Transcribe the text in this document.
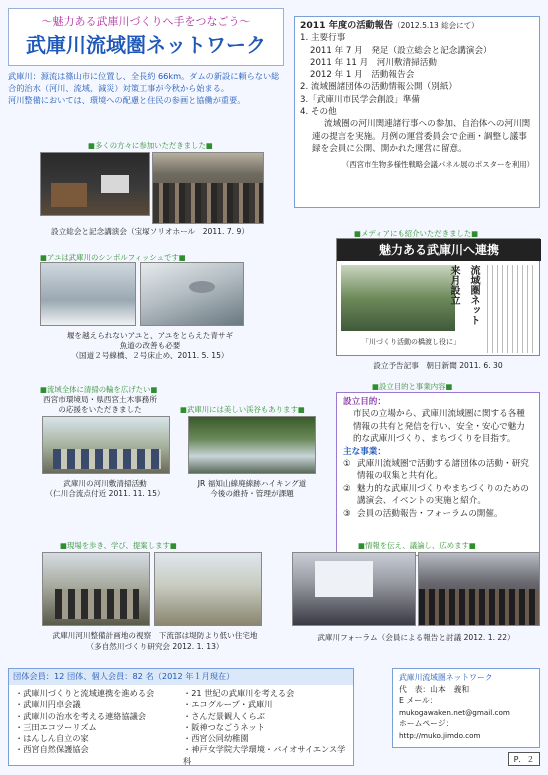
～魅力ある武庫川づくりへ手をつなごう～
武庫川流域圏ネットワーク

武庫川：源流は篠山市に位置し、全長約 66km。ダムの新設に頼らない総合的治水（河川、流域、減災）対策工事が今秋から始まる。

河川整備においては、環境への配慮と住民の参画と協働が重要。

2011 年度の活動報告（2012.5.13 総会にて）
1. 主要行事
2011 年 7 月　発足（設立総会と記念講演会）
2011 年 11 月　河川敷清掃活動
2012 年 1 月　活動報告会
2. 流域圏諸団体の活動情報公開（別紙）
3.「武庫川市民学会創設」準備
4. その他
流域圏の河川関連諸行事への参加、自治体への河川関連の提言を実施。月例の運営委員会で企画・調整し議事録を会員に公開、開かれた運営に留意。
（西宮市生物多様性戦略会議パネル展のポスターを利用）
■多くの方々に参加いただきました■
設立総会と記念講演会（宝塚ソリオホール　2011. 7. 9）
■アユは武庫川のシンボルフィッシュです■
堰を越えられないアユと、アユをとらえた青サギ
魚道の改善も必要
（国道２号線橋、２号床止め、2011. 5. 15）
■メディアにも紹介いただきました■
魅力ある武庫川へ連携
流域圏ネット来月設立
「川づくり活動の橋渡し役に」
設立予告記事　朝日新聞 2011. 6. 30
■流域全体に清掃の輪を広げたい■
西宮市環境局・県西宮土木事務所
の応援をいただきました
武庫川の河川敷清掃活動
（仁川合流点付近 2011. 11. 15）
■武庫川には美しい渓谷もあります■
JR 福知山線廃線跡ハイキング道
今後の維持・管理が課題
■設立目的と事業内容■
設立目的：
市民の立場から、武庫川流域圏に関する各種情報の共有と発信を行い、安全・安心で魅力的な武庫川づくり、まちづくりを目指す。
主な事業：
① 武庫川流域圏で活動する諸団体の活動・研究情報の収集と共有化。
② 魅力的な武庫川づくりやまちづくりのための講演会、イベントの実施と紹介。
③ 会員の活動報告・フォーラムの開催。
■現場を歩き、学び、提案します■
武庫川河川整備計画地の視察　下流部は堤防より低い住宅地
（多自然川づくり研究会 2012. 1. 13）
■情報を伝え、議論し、広めます■
武庫川フォーラム（会員による報告と討議 2012. 1. 22）
団体会員：12 団体、個人会員：82 名（2012 年１月現在）
・武庫川づくりと流域連携を進める会
・武庫川円卓会議
・武庫川の治水を考える連絡協議会
・三田エコツーリズム
・はんしん自立の家
・西宮自然保護協会
・21 世紀の武庫川を考える会
・エコグループ・武庫川
・さんだ景観人くらぶ
・阪神つなごうネット
・西宮公同幼稚園
・神戸女学院大学環境・バイオサイエンス学科
武庫川流域圏ネットワーク
代　表：山本　義和
E メール：
mukogawaken.net@gmail.com
ホームページ：
http://muko.jimdo.com
P．２
